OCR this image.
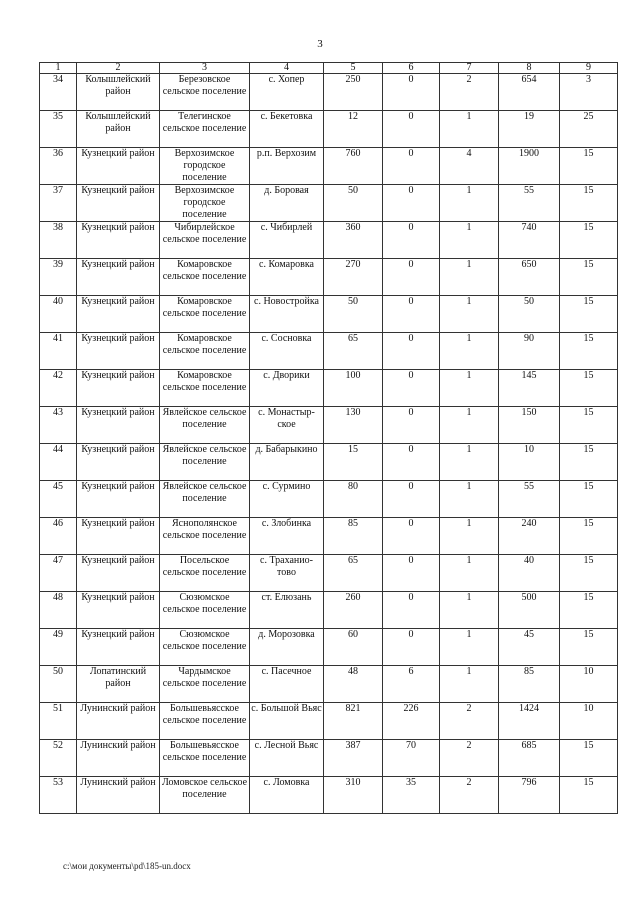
3
1	2	3	4	5	6	7	8	9
34	Колышлейский район	Березовское сельское поселение	с. Хопер	250	0	2	654	3
35	Колышлейский район	Телегинское сельское поселение	с. Бекетовка	12	0	1	19	25
36	Кузнецкий район	Верхозимское городское поселение	р.п. Верхозим	760	0	4	1900	15
37	Кузнецкий район	Верхозимское городское поселение	д. Боровая	50	0	1	55	15
38	Кузнецкий район	Чибирлейское сельское поселение	с. Чибирлей	360	0	1	740	15
39	Кузнецкий район	Комаровское сельское поселение	с. Комаровка	270	0	1	650	15
40	Кузнецкий район	Комаровское сельское поселение	с. Новостройка	50	0	1	50	15
41	Кузнецкий район	Комаровское сельское поселение	с. Сосновка	65	0	1	90	15
42	Кузнецкий район	Комаровское сельское поселение	с. Дворики	100	0	1	145	15
43	Кузнецкий район	Явлейское сельское поселение	с. Монастыр-ское	130	0	1	150	15
44	Кузнецкий район	Явлейское сельское поселение	д. Бабарыкино	15	0	1	10	15
45	Кузнецкий район	Явлейское сельское поселение	с. Сурмино	80	0	1	55	15
46	Кузнецкий район	Яснополянское сельское поселение	с. Злобинка	85	0	1	240	15
47	Кузнецкий район	Посельское сельское поселение	с. Траханио-тово	65	0	1	40	15
48	Кузнецкий район	Сюзюмское сельское поселение	ст. Елюзань	260	0	1	500	15
49	Кузнецкий район	Сюзюмское сельское поселение	д. Морозовка	60	0	1	45	15
50	Лопатинский район	Чардымское сельское поселение	с. Пасечное	48	6	1	85	10
51	Лунинский район	Большевьясское сельское поселение	с. Большой Вьяс	821	226	2	1424	10
52	Лунинский район	Большевьясское сельское поселение	с. Лесной Вьяс	387	70	2	685	15
53	Лунинский район	Ломовское сельское поселение	с. Ломовка	310	35	2	796	15
c:\мои документы\pd\185-un.docx
